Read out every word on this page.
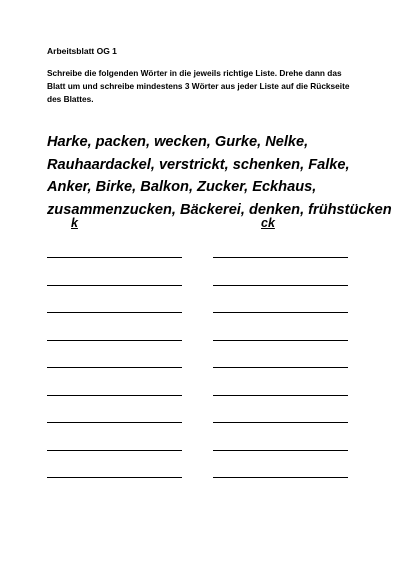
Arbeitsblatt OG 1
Schreibe die folgenden Wörter in die jeweils richtige Liste. Drehe dann das Blatt um und schreibe mindestens 3 Wörter aus jeder Liste auf die Rückseite des Blattes.
Harke, packen, wecken, Gurke, Nelke,
Rauhaardackel, verstrickt, schenken, Falke,
Anker, Birke, Balkon, Zucker, Eckhaus,
zusammenzucken, Bäckerei, denken, frühstücken
k	ck
